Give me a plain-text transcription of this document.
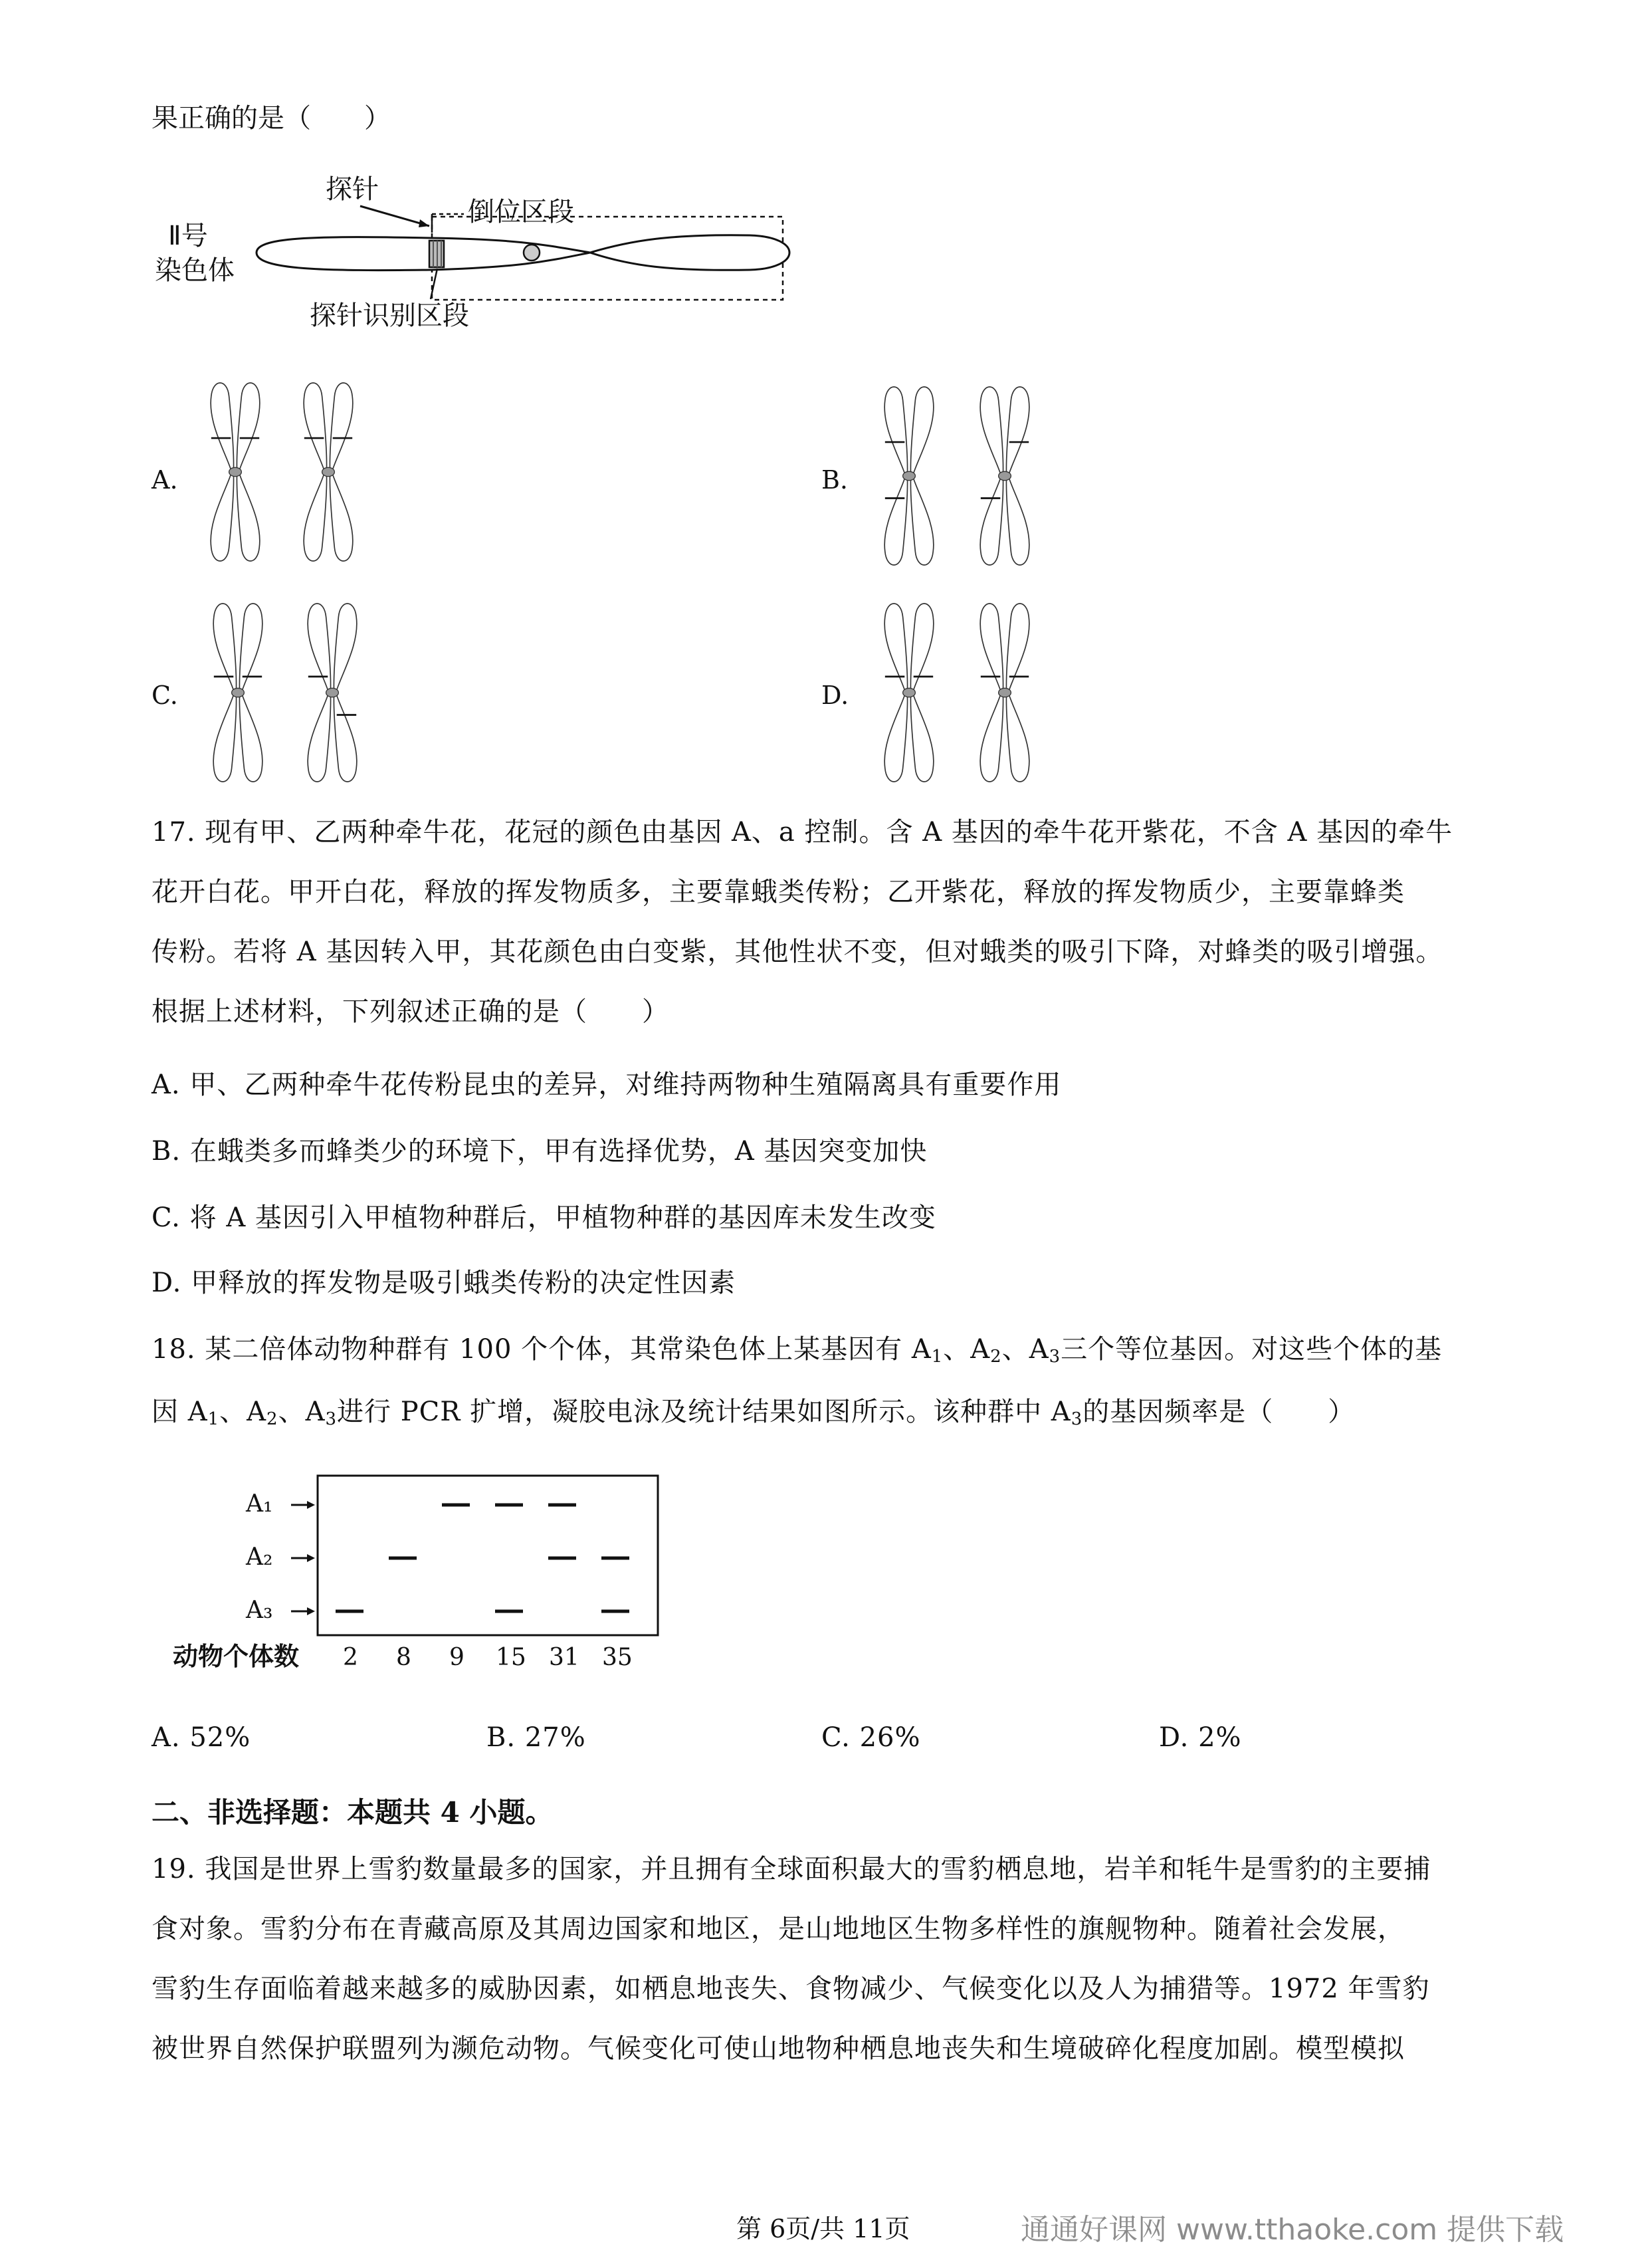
果正确的是（　　）
探针
倒位区段
Ⅱ号
染色体
探针识别区段
A.	B.
C.	D.
17. 现有甲、乙两种牵牛花，花冠的颜色由基因 A、a 控制。含 A 基因的牵牛花开紫花，不含 A 基因的牵牛
花开白花。甲开白花，释放的挥发物质多，主要靠蛾类传粉；乙开紫花，释放的挥发物质少，主要靠蜂类
传粉。若将 A 基因转入甲，其花颜色由白变紫，其他性状不变，但对蛾类的吸引下降，对蜂类的吸引增强。
根据上述材料，下列叙述正确的是（　　）
A. 甲、乙两种牵牛花传粉昆虫的差异，对维持两物种生殖隔离具有重要作用
B. 在蛾类多而蜂类少的环境下，甲有选择优势，A 基因突变加快
C. 将 A 基因引入甲植物种群后，甲植物种群的基因库未发生改变
D. 甲释放的挥发物是吸引蛾类传粉的决定性因素
18. 某二倍体动物种群有 100 个个体，其常染色体上某基因有 $A_1$、$A_2$、$A_3$三个等位基因。对这些个体的基
因 $A_1$、$A_2$、$A_3$进行 PCR 扩增，凝胶电泳及统计结果如图所示。该种群中 $A_3$的基因频率是（　　）
A₁
A₂
A₃
动物个体数 2 8 9 15 31 35
A. 52%	B. 27%	C. 26%	D. 2%
二、非选择题：本题共 4 小题。
19. 我国是世界上雪豹数量最多的国家，并且拥有全球面积最大的雪豹栖息地，岩羊和牦牛是雪豹的主要捕
食对象。雪豹分布在青藏高原及其周边国家和地区，是山地地区生物多样性的旗舰物种。随着社会发展，
雪豹生存面临着越来越多的威胁因素，如栖息地丧失、食物减少、气候变化以及人为捕猎等。1972 年雪豹
被世界自然保护联盟列为濒危动物。气候变化可使山地物种栖息地丧失和生境破碎化程度加剧。模型模拟
第 6页/共 11页	通通好课网 www.tthaoke.com 提供下载
